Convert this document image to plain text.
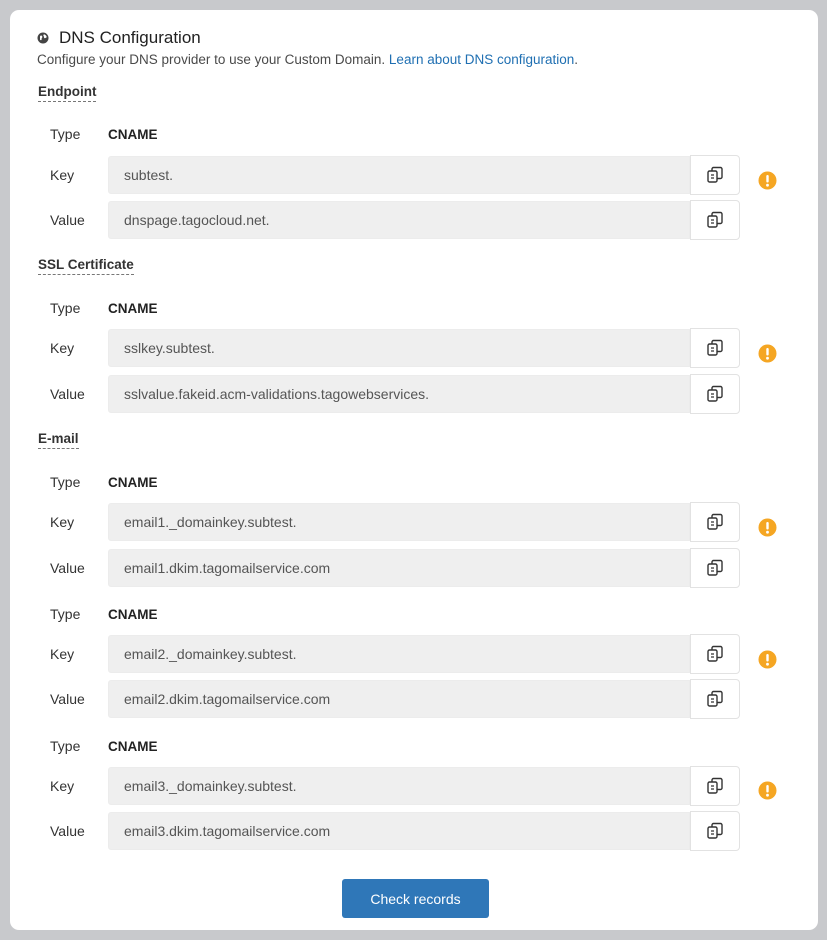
DNS Configuration
Configure your DNS provider to use your Custom Domain. Learn about DNS configuration.
Endpoint
Type	CNAME
Key	subtest.
Value	dnspage.tagocloud.net.
SSL Certificate
Type	CNAME
Key	sslkey.subtest.
Value	sslvalue.fakeid.acm-validations.tagowebservices.
E-mail
Type	CNAME
Key	email1._domainkey.subtest.
Value	email1.dkim.tagomailservice.com
Type	CNAME
Key	email2._domainkey.subtest.
Value	email2.dkim.tagomailservice.com
Type	CNAME
Key	email3._domainkey.subtest.
Value	email3.dkim.tagomailservice.com
Check records
